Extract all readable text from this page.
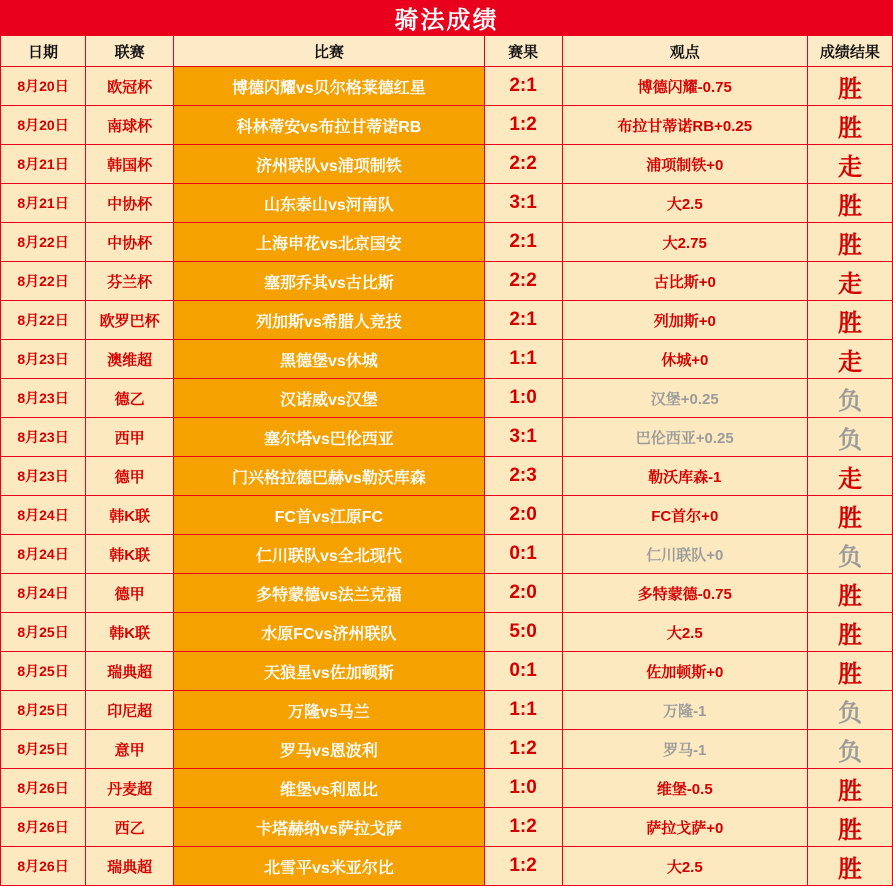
骑法成绩
日期	联赛	比赛	赛果	观点	成绩结果
8月20日	欧冠杯	博德闪耀vs贝尔格莱德红星	2:1	博德闪耀-0.75	胜
8月20日	南球杯	科林蒂安vs布拉甘蒂诺RB	1:2	布拉甘蒂诺RB+0.25	胜
8月21日	韩国杯	济州联队vs浦项制铁	2:2	浦项制铁+0	走
8月21日	中协杯	山东泰山vs河南队	3:1	大2.5	胜
8月22日	中协杯	上海申花vs北京国安	2:1	大2.75	胜
8月22日	芬兰杯	塞那乔其vs古比斯	2:2	古比斯+0	走
8月22日	欧罗巴杯	列加斯vs希腊人竞技	2:1	列加斯+0	胜
8月23日	澳维超	黑德堡vs休城	1:1	休城+0	走
8月23日	德乙	汉诺威vs汉堡	1:0	汉堡+0.25	负
8月23日	西甲	塞尔塔vs巴伦西亚	3:1	巴伦西亚+0.25	负
8月23日	德甲	门兴格拉德巴赫vs勒沃库森	2:3	勒沃库森-1	走
8月24日	韩K联	FC首vs江原FC	2:0	FC首尔+0	胜
8月24日	韩K联	仁川联队vs全北现代	0:1	仁川联队+0	负
8月24日	德甲	多特蒙德vs法兰克福	2:0	多特蒙德-0.75	胜
8月25日	韩K联	水原FCvs济州联队	5:0	大2.5	胜
8月25日	瑞典超	天狼星vs佐加顿斯	0:1	佐加顿斯+0	胜
8月25日	印尼超	万隆vs马兰	1:1	万隆-1	负
8月25日	意甲	罗马vs恩波利	1:2	罗马-1	负
8月26日	丹麦超	维堡vs利恩比	1:0	维堡-0.5	胜
8月26日	西乙	卡塔赫纳vs萨拉戈萨	1:2	萨拉戈萨+0	胜
8月26日	瑞典超	北雪平vs米亚尔比	1:2	大2.5	胜
